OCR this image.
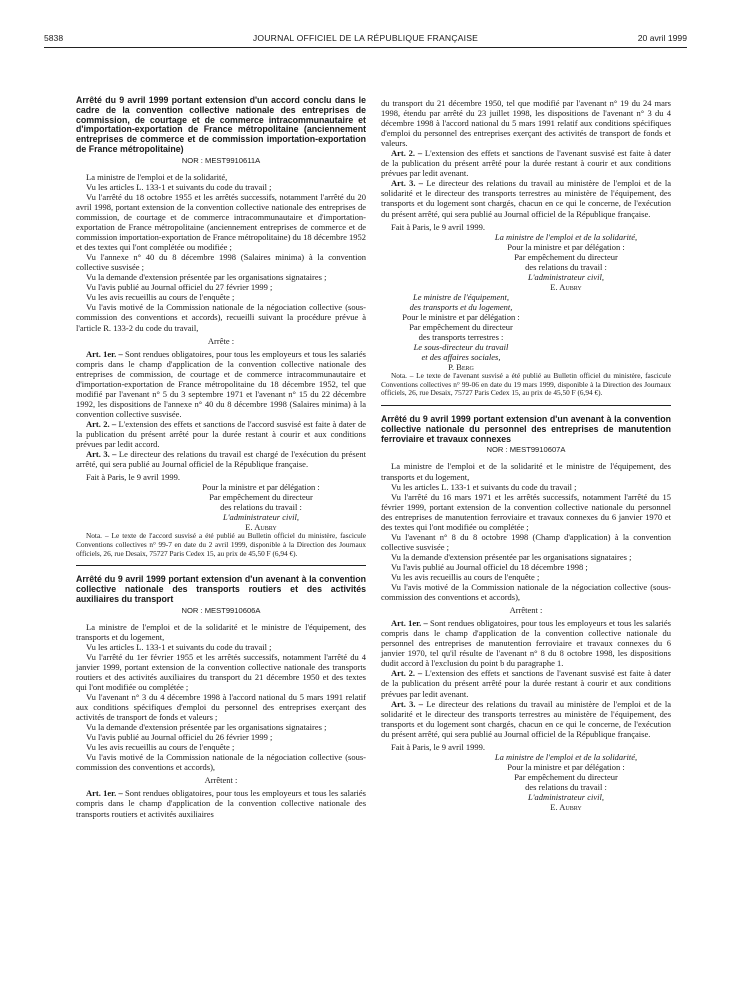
5838	JOURNAL OFFICIEL DE LA RÉPUBLIQUE FRANÇAISE	20 avril 1999

Arrêté du 9 avril 1999 portant extension d'un accord conclu dans le cadre de la convention collective nationale des entreprises de commission, de courtage et de commerce intracommunautaire et d'importation-exportation de France métropolitaine (anciennement entreprises de commerce et de commission importation-exportation de France métropolitaine)

NOR : MEST9910611A

La ministre de l'emploi et de la solidarité,

Vu les articles L. 133-1 et suivants du code du travail ;

Vu l'arrêté du 18 octobre 1955 et les arrêtés successifs, notamment l'arrêté du 20 avril 1998, portant extension de la convention collective nationale des entreprises de commission, de courtage et de commerce intracommunautaire et d'importation-exportation de France métropolitaine (anciennement entreprises de commerce et de commission importation-exportation de France métropolitaine) du 18 décembre 1952 et des textes qui l'ont complétée ou modifiée ;

Vu l'annexe n° 40 du 8 décembre 1998 (Salaires minima) à la convention collective susvisée ;

Vu la demande d'extension présentée par les organisations signataires ;

Vu l'avis publié au Journal officiel du 27 février 1999 ;

Vu les avis recueillis au cours de l'enquête ;

Vu l'avis motivé de la Commission nationale de la négociation collective (sous-commission des conventions et accords), recueilli suivant la procédure prévue à l'article R. 133-2 du code du travail,

Arrête :

Art. 1er. – Sont rendues obligatoires, pour tous les employeurs et tous les salariés compris dans le champ d'application de la convention collective nationale des entreprises de commission, de courtage et de commerce intracommunautaire et d'importation-exportation de France métropolitaine du 18 décembre 1952, tel que modifié par l'avenant n° 5 du 3 septembre 1971 et l'avenant n° 15 du 22 décembre 1992, les dispositions de l'annexe n° 40 du 8 décembre 1998 (Salaires minima) à la convention collective susvisée.

Art. 2. – L'extension des effets et sanctions de l'accord susvisé est faite à dater de la publication du présent arrêté pour la durée restant à courir et aux conditions prévues par ledit accord.

Art. 3. – Le directeur des relations du travail est chargé de l'exécution du présent arrêté, qui sera publié au Journal officiel de la République française.

Fait à Paris, le 9 avril 1999.

Pour la ministre et par délégation :

Par empêchement du directeur

des relations du travail :

L'administrateur civil,

E. Aubry

Nota. – Le texte de l'accord susvisé a été publié au Bulletin officiel du ministère, fascicule Conventions collectives n° 99-7 en date du 2 avril 1999, disponible à la Direction des Journaux officiels, 26, rue Desaix, 75727 Paris Cedex 15, au prix de 45,50 F (6,94 €).

Arrêté du 9 avril 1999 portant extension d'un avenant à la convention collective nationale des transports routiers et des activités auxiliaires du transport

NOR : MEST9910606A

La ministre de l'emploi et de la solidarité et le ministre de l'équipement, des transports et du logement,

Vu les articles L. 133-1 et suivants du code du travail ;

Vu l'arrêté du 1er février 1955 et les arrêtés successifs, notamment l'arrêté du 4 janvier 1999, portant extension de la convention collective nationale des transports routiers et des activités auxiliaires du transport du 21 décembre 1950 et des textes qui l'ont modifiée ou complétée ;

Vu l'avenant n° 3 du 4 décembre 1998 à l'accord national du 5 mars 1991 relatif aux conditions spécifiques d'emploi du personnel des entreprises exerçant des activités de transport de fonds et valeurs ;

Vu la demande d'extension présentée par les organisations signataires ;

Vu l'avis publié au Journal officiel du 26 février 1999 ;

Vu les avis recueillis au cours de l'enquête ;

Vu l'avis motivé de la Commission nationale de la négociation collective (sous-commission des conventions et accords),

Arrêtent :

Art. 1er. – Sont rendues obligatoires, pour tous les employeurs et tous les salariés compris dans le champ d'application de la convention collective nationale des transports routiers et activités auxiliaires

du transport du 21 décembre 1950, tel que modifié par l'avenant n° 19 du 24 mars 1998, étendu par arrêté du 23 juillet 1998, les dispositions de l'avenant n° 3 du 4 décembre 1998 à l'accord national du 5 mars 1991 relatif aux conditions spécifiques d'emploi du personnel des entreprises exerçant des activités de transport de fonds et valeurs.

Art. 2. – L'extension des effets et sanctions de l'avenant susvisé est faite à dater de la publication du présent arrêté pour la durée restant à courir et aux conditions prévues par ledit avenant.

Art. 3. – Le directeur des relations du travail au ministère de l'emploi et de la solidarité et le directeur des transports terrestres au ministère de l'équipement, des transports et du logement sont chargés, chacun en ce qui le concerne, de l'exécution du présent arrêté, qui sera publié au Journal officiel de la République française.

Fait à Paris, le 9 avril 1999.

La ministre de l'emploi et de la solidarité,

Pour la ministre et par délégation :

Par empêchement du directeur

des relations du travail :

L'administrateur civil,

E. Aubry

Le ministre de l'équipement,

des transports et du logement,

Pour le ministre et par délégation :

Par empêchement du directeur

des transports terrestres :

Le sous-directeur du travail

et des affaires sociales,

P. Berg

Nota. – Le texte de l'avenant susvisé a été publié au Bulletin officiel du ministère, fascicule Conventions collectives n° 99-06 en date du 19 mars 1999, disponible à la Direction des Journaux officiels, 26, rue Desaix, 75727 Paris Cedex 15, au prix de 45,50 F (6,94 €).

Arrêté du 9 avril 1999 portant extension d'un avenant à la convention collective nationale du personnel des entreprises de manutention ferroviaire et travaux connexes

NOR : MEST9910607A

La ministre de l'emploi et de la solidarité et le ministre de l'équipement, des transports et du logement,

Vu les articles L. 133-1 et suivants du code du travail ;

Vu l'arrêté du 16 mars 1971 et les arrêtés successifs, notamment l'arrêté du 15 février 1999, portant extension de la convention collective nationale du personnel des entreprises de manutention ferroviaire et travaux connexes du 6 janvier 1970 et des textes qui l'ont modifiée ou complétée ;

Vu l'avenant n° 8 du 8 octobre 1998 (Champ d'application) à la convention collective susvisée ;

Vu la demande d'extension présentée par les organisations signataires ;

Vu l'avis publié au Journal officiel du 18 décembre 1998 ;

Vu les avis recueillis au cours de l'enquête ;

Vu l'avis motivé de la Commission nationale de la négociation collective (sous-commission des conventions et accords),

Arrêtent :

Art. 1er. – Sont rendues obligatoires, pour tous les employeurs et tous les salariés compris dans le champ d'application de la convention collective nationale du personnel des entreprises de manutention ferroviaire et travaux connexes du 6 janvier 1970, tel qu'il résulte de l'avenant n° 8 du 8 octobre 1998, les dispositions dudit accord à l'exclusion du point b du paragraphe 1.

Art. 2. – L'extension des effets et sanctions de l'avenant susvisé est faite à dater de la publication du présent arrêté pour la durée restant à courir et aux conditions prévues par ledit avenant.

Art. 3. – Le directeur des relations du travail au ministère de l'emploi et de la solidarité et le directeur des transports terrestres au ministère de l'équipement, des transports et du logement sont chargés, chacun en ce qui le concerne, de l'exécution du présent arrêté, qui sera publié au Journal officiel de la République française.

Fait à Paris, le 9 avril 1999.

La ministre de l'emploi et de la solidarité,

Pour la ministre et par délégation :

Par empêchement du directeur

des relations du travail :

L'administrateur civil,

E. Aubry
